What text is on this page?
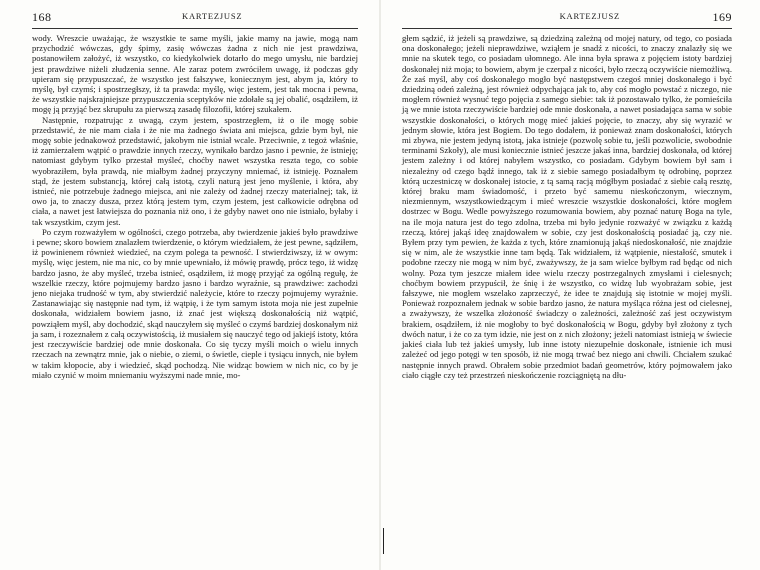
168	KARTEZJUSZ

wody. Wreszcie uważając, że wszystkie te same myśli, jakie mamy na jawie, mogą nam przychodzić wówczas, gdy śpimy, zasię wówczas żadna z nich nie jest prawdziwa, postanowiłem założyć, iż wszystko, co kiedykolwiek dotarło do mego umysłu, nie bardziej jest prawdziwe niżeli złudzenia senne. Ale zaraz potem zwróciłem uwagę, iż podczas gdy upieram się przypuszczać, że wszystko jest fałszywe, koniecznym jest, abym ja, który to myślę, był czymś; i spostrzegłszy, iż ta prawda: myślę, więc jestem, jest tak mocna i pewna, że wszystkie najskrajniejsze przypuszczenia sceptyków nie zdołałe są jej obalić, osądziłem, iż mogę ją przyjąć bez skrupułu za pierwszą zasadę filozofii, której szukałem.

Następnie, rozpatrując z uwagą, czym jestem, spostrzegłem, iż o ile mogę sobie przedstawić, że nie mam ciała i że nie ma żadnego świata ani miejsca, gdzie bym był, nie mogę sobie jednakowoż przedstawić, jakobym nie istniał wcale. Przeciwnie, z tegoż właśnie, iż zamierzałem wątpić o prawdzie innych rzeczy, wynikało bardzo jasno i pewnie, że istnieję; natomiast gdybym tylko przestał myśleć, choćby nawet wszystka reszta tego, co sobie wyobraziłem, była prawdą, nie miałbym żadnej przyczyny mniemać, iż istnieję. Poznałem stąd, że jestem substancją, której całą istotą, czyli naturą jest jeno myślenie, i która, aby istnieć, nie potrzebuje żadnego miejsca, ani nie zależy od żadnej rzeczy materialnej; tak, iż owo ja, to znaczy dusza, przez którą jestem tym, czym jestem, jest całkowicie odrębna od ciała, a nawet jest łatwiejsza do poznania niż ono, i że gdyby nawet ono nie istniało, byłaby i tak wszystkim, czym jest.

Po czym rozważyłem w ogólności, czego potrzeba, aby twierdzenie jakieś było prawdziwe i pewne; skoro bowiem znalazłem twierdzenie, o którym wiedziałem, że jest pewne, sądziłem, iż powinienem również wiedzieć, na czym polega ta pewność. I stwierdziwszy, iż w owym: myślę, więc jestem, nie ma nic, co by mnie upewniało, iż mówię prawdę, prócz tego, iż widzę bardzo jasno, że aby myśleć, trzeba istnieć, osądziłem, iż mogę przyjąć za ogólną regułę, że wszelkie rzeczy, które pojmujemy bardzo jasno i bardzo wyraźnie, są prawdziwe: zachodzi jeno niejaka trudność w tym, aby stwierdzić należycie, które to rzeczy pojmujemy wyraźnie. Zastanawiając się następnie nad tym, iż wątpię, i że tym samym istota moja nie jest zupełnie doskonała, widziałem bowiem jasno, iż znać jest większą doskonałością niż wątpić, powziąłem myśl, aby dochodzić, skąd nauczyłem się myśleć o czymś bardziej doskonałym niż ja sam, i rozeznałem z całą oczywistością, iż musiałem się nauczyć tego od jakiejś istoty, która jest rzeczywiście bardziej ode mnie doskonała. Co się tyczy myśli moich o wielu innych rzeczach na zewnątrz mnie, jak o niebie, o ziemi, o świetle, cieple i tysiącu innych, nie byłem w takim kłopocie, aby i wiedzieć, skąd pochodzą. Nie widząc bowiem w nich nic, co by je miało czynić w moim mniemaniu wyższymi nade mnie, mo-

KARTEZJUSZ	169

głem sądzić, iż jeżeli są prawdziwe, są dziedziną zależną od mojej natury, od tego, co posiada ona doskonałego; jeżeli nieprawdziwe, wziąłem je snadź z nicości, to znaczy znalazły się we mnie na skutek tego, co posiadam ułomnego. Ale inna była sprawa z pojęciem istoty bardziej doskonałej niż moja; to bowiem, abym je czerpał z nicości, było rzeczą oczywiście niemożliwą. Że zaś myśl, aby coś doskonałego mogło być następstwem czegoś mniej doskonałego i być dziedziną odeń zależną, jest również odpychająca jak to, aby coś mogło powstać z niczego, nie mogłem również wysnuć tego pojęcia z samego siebie: tak iż pozostawało tylko, że pomieściła ją we mnie istota rzeczywiście bardziej ode mnie doskonała, a nawet posiadająca sama w sobie wszystkie doskonałości, o których mogę mieć jakieś pojęcie, to znaczy, aby się wyrazić w jednym słowie, która jest Bogiem. Do tego dodałem, iż ponieważ znam doskonałości, których mi zbywa, nie jestem jedyną istotą, jaka istnieje (pozwolę sobie tu, jeśli pozwolicie, swobodnie terminami Szkoły), ale musi koniecznie istnieć jeszcze jakaś inna, bardziej doskonała, od której jestem zależny i od której nabyłem wszystko, co posiadam. Gdybym bowiem był sam i niezależny od czego bądź innego, tak iż z siebie samego posiadałbym tę odrobinę, poprzez którą uczestniczę w doskonałej istocie, z tą samą racją mógłbym posiadać z siebie całą resztę, której braku mam świadomość, i przeto być samemu nieskończonym, wiecznym, niezmiennym, wszystkowiedzącym i mieć wreszcie wszystkie doskonałości, które mogłem dostrzec w Bogu. Wedle powyższego rozumowania bowiem, aby poznać naturę Boga na tyle, na ile moja natura jest do tego zdolna, trzeba mi było jedynie rozważyć w związku z każdą rzeczą, której jakąś ideę znajdowałem w sobie, czy jest doskonałością posiadać ją, czy nie. Byłem przy tym pewien, że każda z tych, które znamionują jakąś niedoskonałość, nie znajdzie się w nim, ale że wszystkie inne tam będą. Tak widziałem, iż wątpienie, niestałość, smutek i podobne rzeczy nie mogą w nim być, zważywszy, że ja sam wielce byłbym rad będąc od nich wolny. Poza tym jeszcze miałem idee wielu rzeczy postrzegalnych zmysłami i cielesnych; choćbym bowiem przypuścił, że śnię i że wszystko, co widzę lub wyobrażam sobie, jest fałszywe, nie mogłem wszelako zaprzeczyć, że idee te znajdują się istotnie w mojej myśli. Ponieważ rozpoznałem jednak w sobie bardzo jasno, że natura myśląca różna jest od cielesnej, a zważywszy, że wszelka złożoność świadczy o zależności, zależność zaś jest oczywistym brakiem, osądziłem, iż nie mogłoby to być doskonałością w Bogu, gdyby był złożony z tych dwóch natur, i że co za tym idzie, nie jest on z nich złożony; jeżeli natomiast istnieją w świecie jakieś ciała lub też jakieś umysły, lub inne istoty niezupełnie doskonałe, istnienie ich musi zależeć od jego potęgi w ten sposób, iż nie mogą trwać bez niego ani chwili. Chciałem szukać następnie innych prawd. Obrałem sobie przedmiot badań geometrów, który pojmowałem jako ciało ciągłe czy też przestrzeń nieskończenie rozciągniętą na dłu-
